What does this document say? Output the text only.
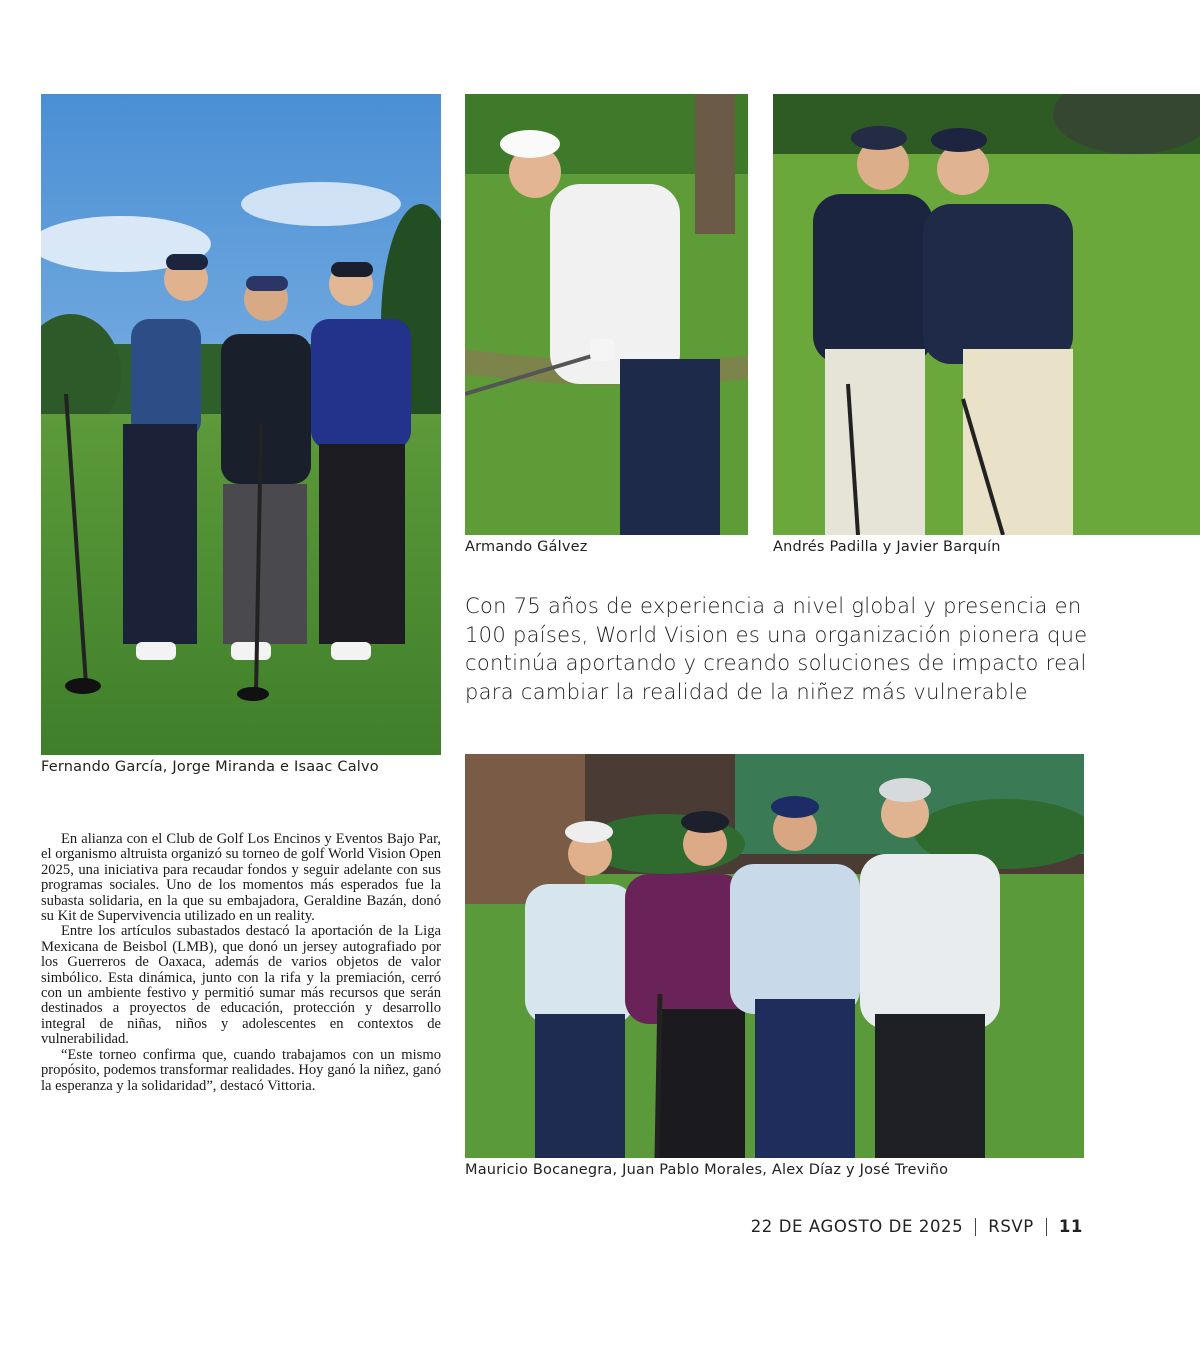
Fernando García, Jorge Miranda e Isaac Calvo
Armando Gálvez	Andrés Padilla y Javier Barquín
Con 75 años de experiencia a nivel global y presencia en 100 países, World Vision es una organización pionera que continúa aportando y creando soluciones de impacto real para cambiar la realidad de la niñez más vulnerable
Mauricio Bocanegra, Juan Pablo Morales, Alex Díaz y José Treviño

En alianza con el Club de Golf Los Encinos y Eventos Bajo Par, el organismo altruista organizó su torneo de golf World Vision Open 2025, una iniciativa para recaudar fondos y seguir adelante con sus programas sociales. Uno de los momentos más esperados fue la subasta solidaria, en la que su embajadora, Geraldine Bazán, donó su Kit de Supervivencia utilizado en un reality.

Entre los artículos subastados destacó la aportación de la Liga Mexicana de Beisbol (LMB), que donó un jersey autografiado por los Guerreros de Oaxaca, además de varios objetos de valor simbólico. Esta dinámica, junto con la rifa y la premiación, cerró con un ambiente festivo y permitió sumar más recursos que serán destinados a proyectos de educación, protección y desarrollo integral de niñas, niños y adolescentes en contextos de vulnerabilidad.

“Este torneo confirma que, cuando trabajamos con un mismo propósito, podemos transformar realidades. Hoy ganó la niñez, ganó la esperanza y la solidaridad”, destacó Vittoria.

22 DE AGOSTO DE 2025 RSVP 11
